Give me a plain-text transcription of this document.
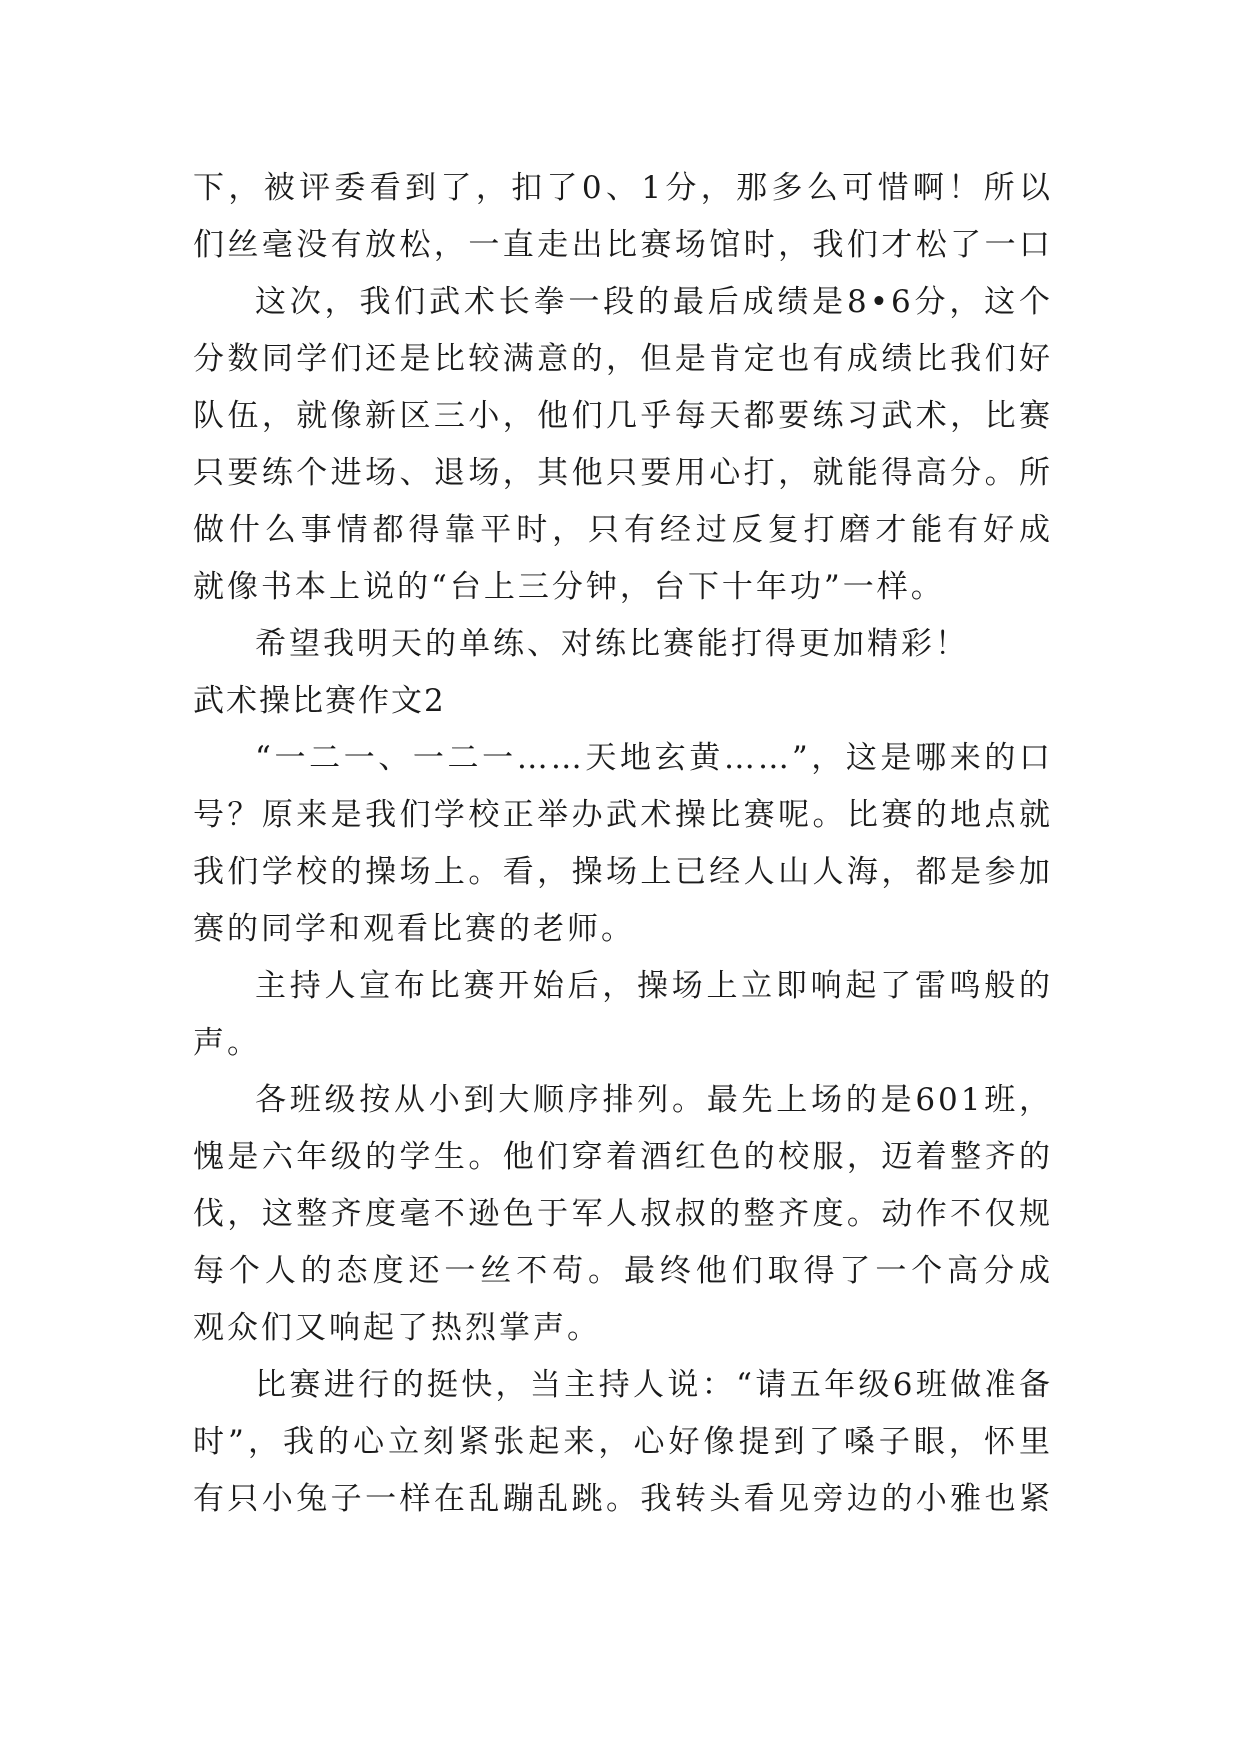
下，被评委看到了，扣了0、1分，那多么可惜啊！所以
们丝毫没有放松，一直走出比赛场馆时，我们才松了一口
这次，我们武术长拳一段的最后成绩是8•6分，这个
分数同学们还是比较满意的，但是肯定也有成绩比我们好
队伍，就像新区三小，他们几乎每天都要练习武术，比赛
只要练个进场、退场，其他只要用心打，就能得高分。所
做什么事情都得靠平时，只有经过反复打磨才能有好成
就像书本上说的“台上三分钟，台下十年功”一样。
希望我明天的单练、对练比赛能打得更加精彩！
武术操比赛作文2
“一二一、一二一……天地玄黄……”，这是哪来的口
号？原来是我们学校正举办武术操比赛呢。比赛的地点就
我们学校的操场上。看，操场上已经人山人海，都是参加
赛的同学和观看比赛的老师。
主持人宣布比赛开始后，操场上立即响起了雷鸣般的
声。
各班级按从小到大顺序排列。最先上场的是601班，
愧是六年级的学生。他们穿着酒红色的校服，迈着整齐的
伐，这整齐度毫不逊色于军人叔叔的整齐度。动作不仅规
每个人的态度还一丝不苟。最终他们取得了一个高分成
观众们又响起了热烈掌声。
比赛进行的挺快，当主持人说：“请五年级6班做准备
时”，我的心立刻紧张起来，心好像提到了嗓子眼，怀里
有只小兔子一样在乱蹦乱跳。我转头看见旁边的小雅也紧
